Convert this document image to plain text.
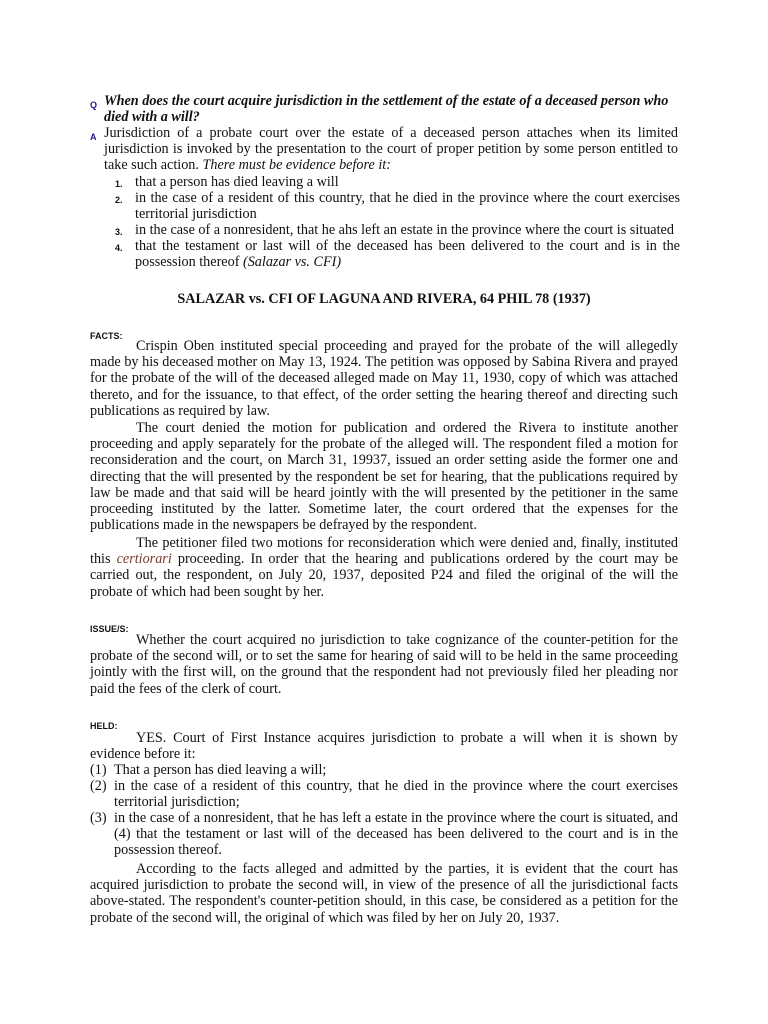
Q When does the court acquire jurisdiction in the settlement of the estate of a deceased person who died with a will?
A Jurisdiction of a probate court over the estate of a deceased person attaches when its limited jurisdiction is invoked by the presentation to the court of proper petition by some person entitled to take such action. There must be evidence before it:
1. that a person has died leaving a will
2. in the case of a resident of this country, that he died in the province where the court exercises territorial jurisdiction
3. in the case of a nonresident, that he ahs left an estate in the province where the court is situated
4. that the testament or last will of the deceased has been delivered to the court and is in the possession thereof (Salazar vs. CFI)
SALAZAR vs. CFI OF LAGUNA AND RIVERA, 64 PHIL 78 (1937)
FACTS:
Crispin Oben instituted special proceeding and prayed for the probate of the will allegedly made by his deceased mother on May 13, 1924. The petition was opposed by Sabina Rivera and prayed for the probate of the will of the deceased alleged made on May 11, 1930, copy of which was attached thereto, and for the issuance, to that effect, of the order setting the hearing thereof and directing such publications as required by law.
The court denied the motion for publication and ordered the Rivera to institute another proceeding and apply separately for the probate of the alleged will. The respondent filed a motion for reconsideration and the court, on March 31, 19937, issued an order setting aside the former one and directing that the will presented by the respondent be set for hearing, that the publications required by law be made and that said will be heard jointly with the will presented by the petitioner in the same proceeding instituted by the latter. Sometime later, the court ordered that the expenses for the publications made in the newspapers be defrayed by the respondent.
The petitioner filed two motions for reconsideration which were denied and, finally, instituted this certiorari proceeding. In order that the hearing and publications ordered by the court may be carried out, the respondent, on July 20, 1937, deposited P24 and filed the original of the will the probate of which had been sought by her.
ISSUE/S:
Whether the court acquired no jurisdiction to take cognizance of the counter-petition for the probate of the second will, or to set the same for hearing of said will to be held in the same proceeding jointly with the first will, on the ground that the respondent had not previously filed her pleading nor paid the fees of the clerk of court.
HELD:
YES. Court of First Instance acquires jurisdiction to probate a will when it is shown by evidence before it:
(1) That a person has died leaving a will;
(2) in the case of a resident of this country, that he died in the province where the court exercises territorial jurisdiction;
(3) in the case of a nonresident, that he has left a estate in the province where the court is situated, and (4) that the testament or last will of the deceased has been delivered to the court and is in the possession thereof.
According to the facts alleged and admitted by the parties, it is evident that the court has acquired jurisdiction to probate the second will, in view of the presence of all the jurisdictional facts above-stated. The respondent's counter-petition should, in this case, be considered as a petition for the probate of the second will, the original of which was filed by her on July 20, 1937.
